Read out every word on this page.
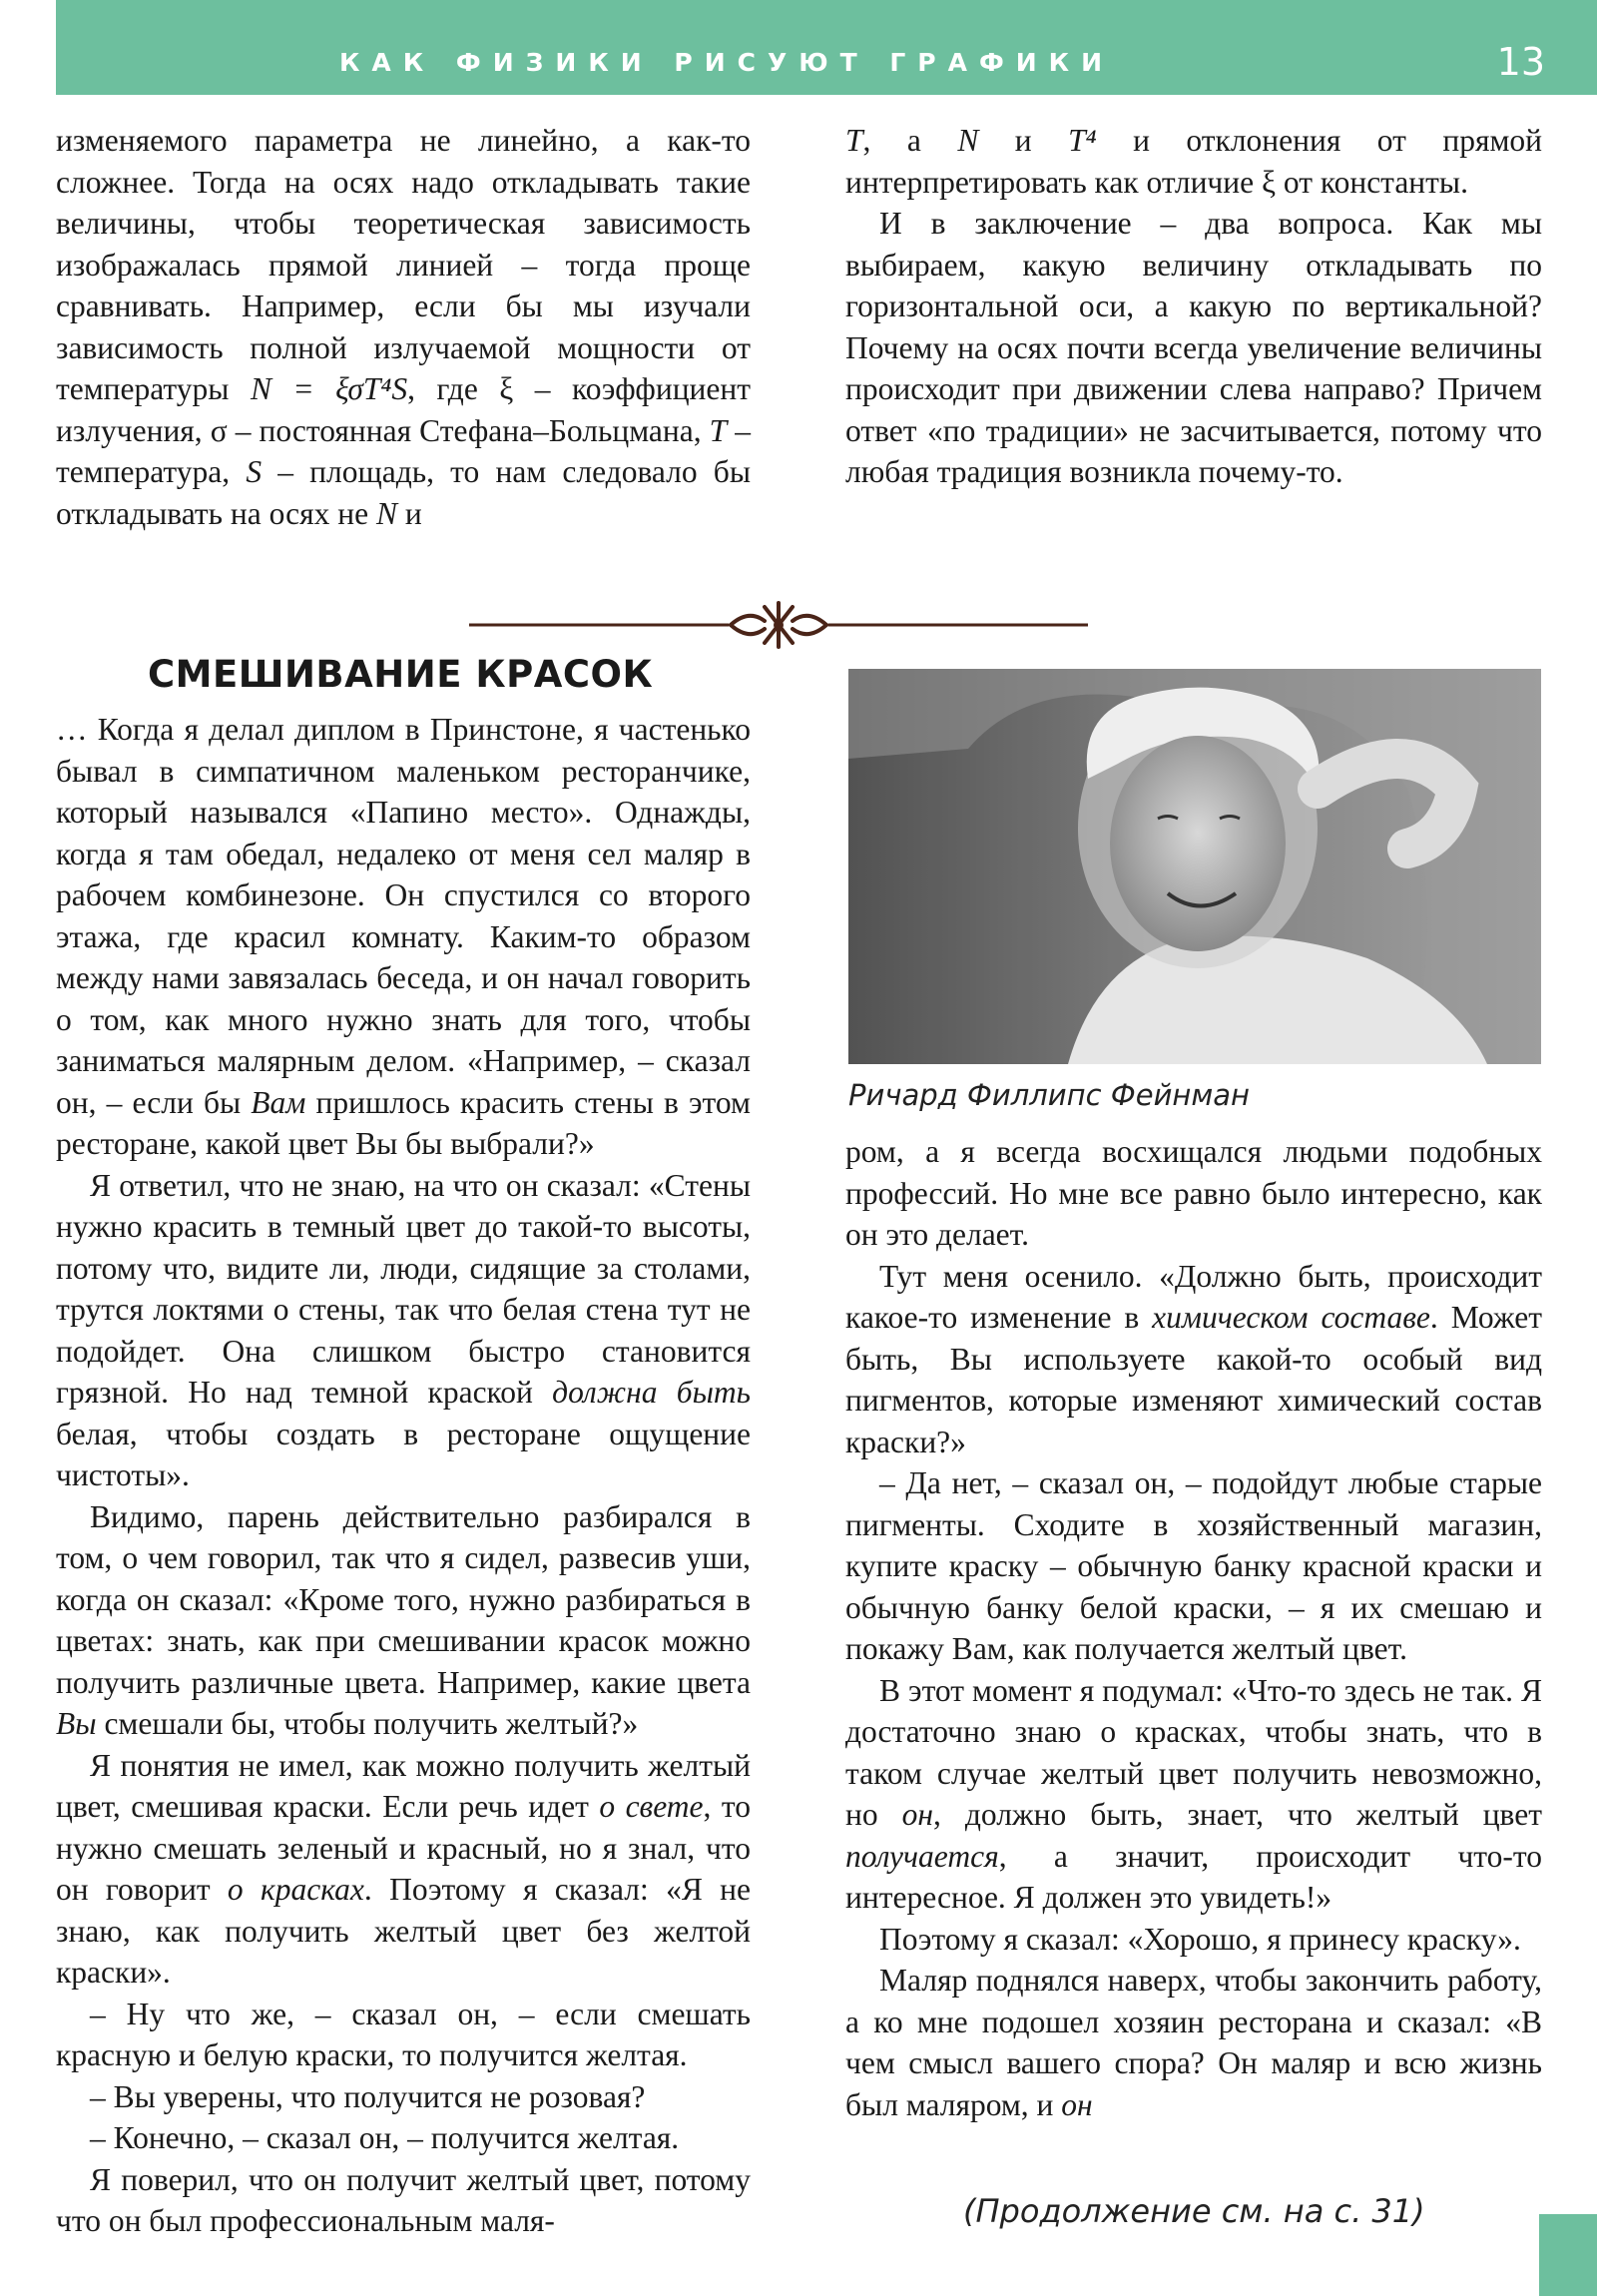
КАК ФИЗИКИ РИСУЮТ ГРАФИКИ	13

изменяемого параметра не линейно, а как-то сложнее. Тогда на осях надо откладывать такие величины, чтобы теоретическая зависимость изображалась прямой линией – тогда проще сравнивать. Например, если бы мы изучали зависимость полной излучаемой мощности от температуры N = ξσT⁴S, где ξ – коэффициент излучения, σ – постоянная Стефана–Больцмана, T – температура, S – площадь, то нам следовало бы откладывать на осях не N и

T, а N и T⁴ и отклонения от прямой интерпретировать как отличие ξ от константы.

И в заключение – два вопроса. Как мы выбираем, какую величину откладывать по горизонтальной оси, а какую по вертикальной? Почему на осях почти всегда увеличение величины происходит при движении слева направо? Причем ответ «по традиции» не засчитывается, потому что любая традиция возникла почему-то.

СМЕШИВАНИЕ КРАСОК

… Когда я делал диплом в Принстоне, я частенько бывал в симпатичном маленьком ресторанчике, который назывался «Папино место». Однажды, когда я там обедал, недалеко от меня сел маляр в рабочем комбинезоне. Он спустился со второго этажа, где красил комнату. Каким-то образом между нами завязалась беседа, и он начал говорить о том, как много нужно знать для того, чтобы заниматься малярным делом. «Например, – сказал он, – если бы Вам пришлось красить стены в этом ресторане, какой цвет Вы бы выбрали?»

Я ответил, что не знаю, на что он сказал: «Стены нужно красить в темный цвет до такой-то высоты, потому что, видите ли, люди, сидящие за столами, трутся локтями о стены, так что белая стена тут не подойдет. Она слишком быстро становится грязной. Но над темной краской должна быть белая, чтобы создать в ресторане ощущение чистоты».

Видимо, парень действительно разбирался в том, о чем говорил, так что я сидел, развесив уши, когда он сказал: «Кроме того, нужно разбираться в цветах: знать, как при смешивании красок можно получить различные цвета. Например, какие цвета Вы смешали бы, чтобы получить желтый?»

Я понятия не имел, как можно получить желтый цвет, смешивая краски. Если речь идет о свете, то нужно смешать зеленый и красный, но я знал, что он говорит о красках. Поэтому я сказал: «Я не знаю, как получить желтый цвет без желтой краски».

– Ну что же, – сказал он, – если смешать красную и белую краски, то получится желтая.

– Вы уверены, что получится не розовая?

– Конечно, – сказал он, – получится желтая.

Я поверил, что он получит желтый цвет, потому что он был профессиональным маля-

Ричард Филлипс Фейнман

ром, а я всегда восхищался людьми подобных профессий. Но мне все равно было интересно, как он это делает.

Тут меня осенило. «Должно быть, происходит какое-то изменение в химическом составе. Может быть, Вы используете какой-то особый вид пигментов, которые изменяют химический состав краски?»

– Да нет, – сказал он, – подойдут любые старые пигменты. Сходите в хозяйственный магазин, купите краску – обычную банку красной краски и обычную банку белой краски, – я их смешаю и покажу Вам, как получается желтый цвет.

В этот момент я подумал: «Что-то здесь не так. Я достаточно знаю о красках, чтобы знать, что в таком случае желтый цвет получить невозможно, но он, должно быть, знает, что желтый цвет получается, а значит, происходит что-то интересное. Я должен это увидеть!»

Поэтому я сказал: «Хорошо, я принесу краску».

Маляр поднялся наверх, чтобы закончить работу, а ко мне подошел хозяин ресторана и сказал: «В чем смысл вашего спора? Он маляр и всю жизнь был маляром, и он

(Продолжение см. на с. 31)
